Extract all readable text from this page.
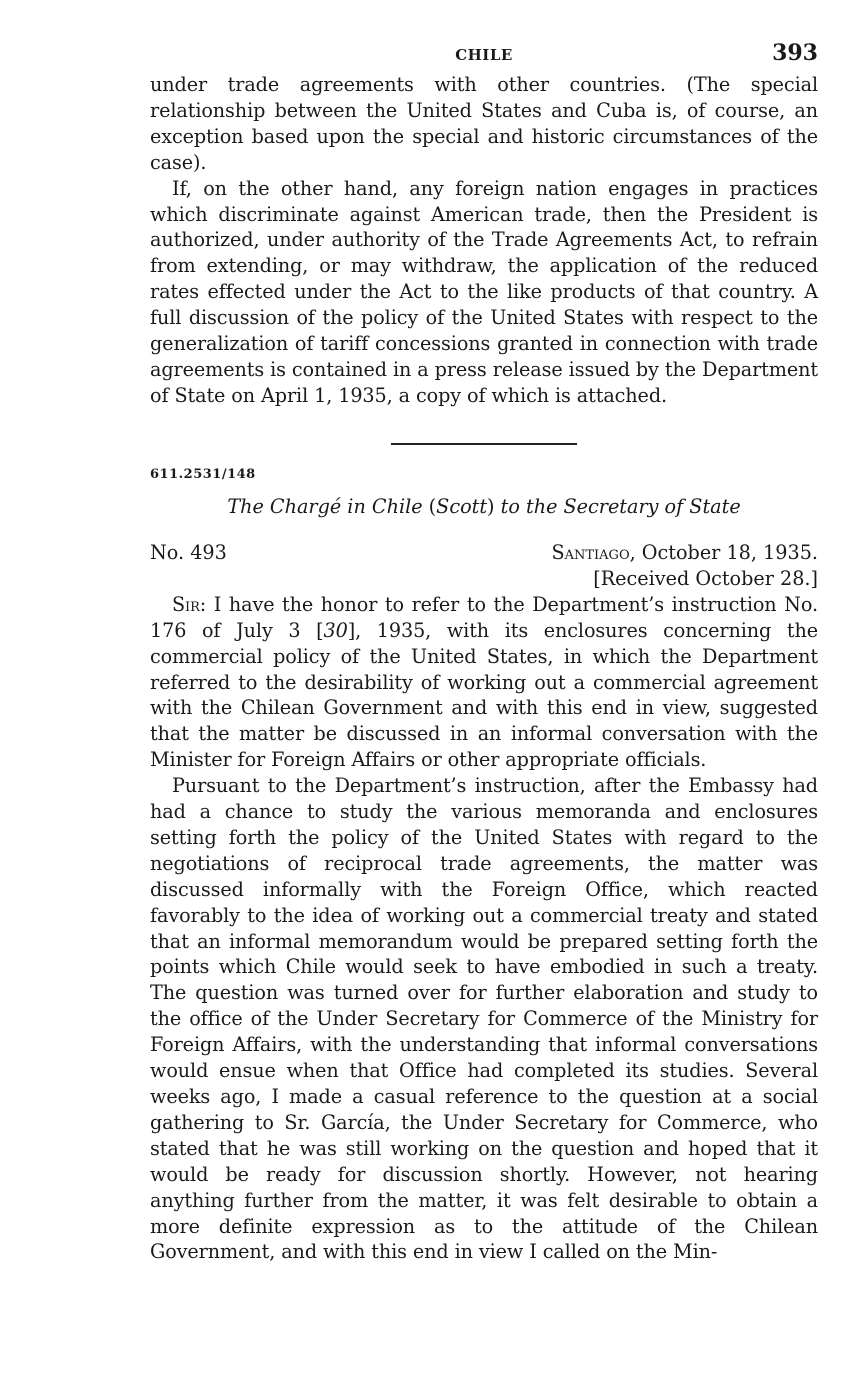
CHILE	393

under trade agreements with other countries. (The special relationship between the United States and Cuba is, of course, an exception based upon the special and historic circumstances of the case).

If, on the other hand, any foreign nation engages in practices which discriminate against American trade, then the President is authorized, under authority of the Trade Agreements Act, to refrain from extending, or may withdraw, the application of the reduced rates effected under the Act to the like products of that country. A full discussion of the policy of the United States with respect to the generalization of tariff concessions granted in connection with trade agreements is contained in a press release issued by the Department of State on April 1, 1935, a copy of which is attached.

611.2531/148
The Chargé in Chile (Scott) to the Secretary of State
No. 493	Santiago, October 18, 1935.
[Received October 28.]

Sir: I have the honor to refer to the Department’s instruction No. 176 of July 3 [30], 1935, with its enclosures concerning the commercial policy of the United States, in which the Department referred to the desirability of working out a commercial agreement with the Chilean Government and with this end in view, suggested that the matter be discussed in an informal conversation with the Minister for Foreign Affairs or other appropriate officials.

Pursuant to the Department’s instruction, after the Embassy had had a chance to study the various memoranda and enclosures setting forth the policy of the United States with regard to the negotiations of reciprocal trade agreements, the matter was discussed informally with the Foreign Office, which reacted favorably to the idea of working out a commercial treaty and stated that an informal memorandum would be prepared setting forth the points which Chile would seek to have embodied in such a treaty. The question was turned over for further elaboration and study to the office of the Under Secretary for Commerce of the Ministry for Foreign Affairs, with the understanding that informal conversations would ensue when that Office had completed its studies. Several weeks ago, I made a casual reference to the question at a social gathering to Sr. García, the Under Secretary for Commerce, who stated that he was still working on the question and hoped that it would be ready for discussion shortly. However, not hearing anything further from the matter, it was felt desirable to obtain a more definite expression as to the attitude of the Chilean Government, and with this end in view I called on the Min-
